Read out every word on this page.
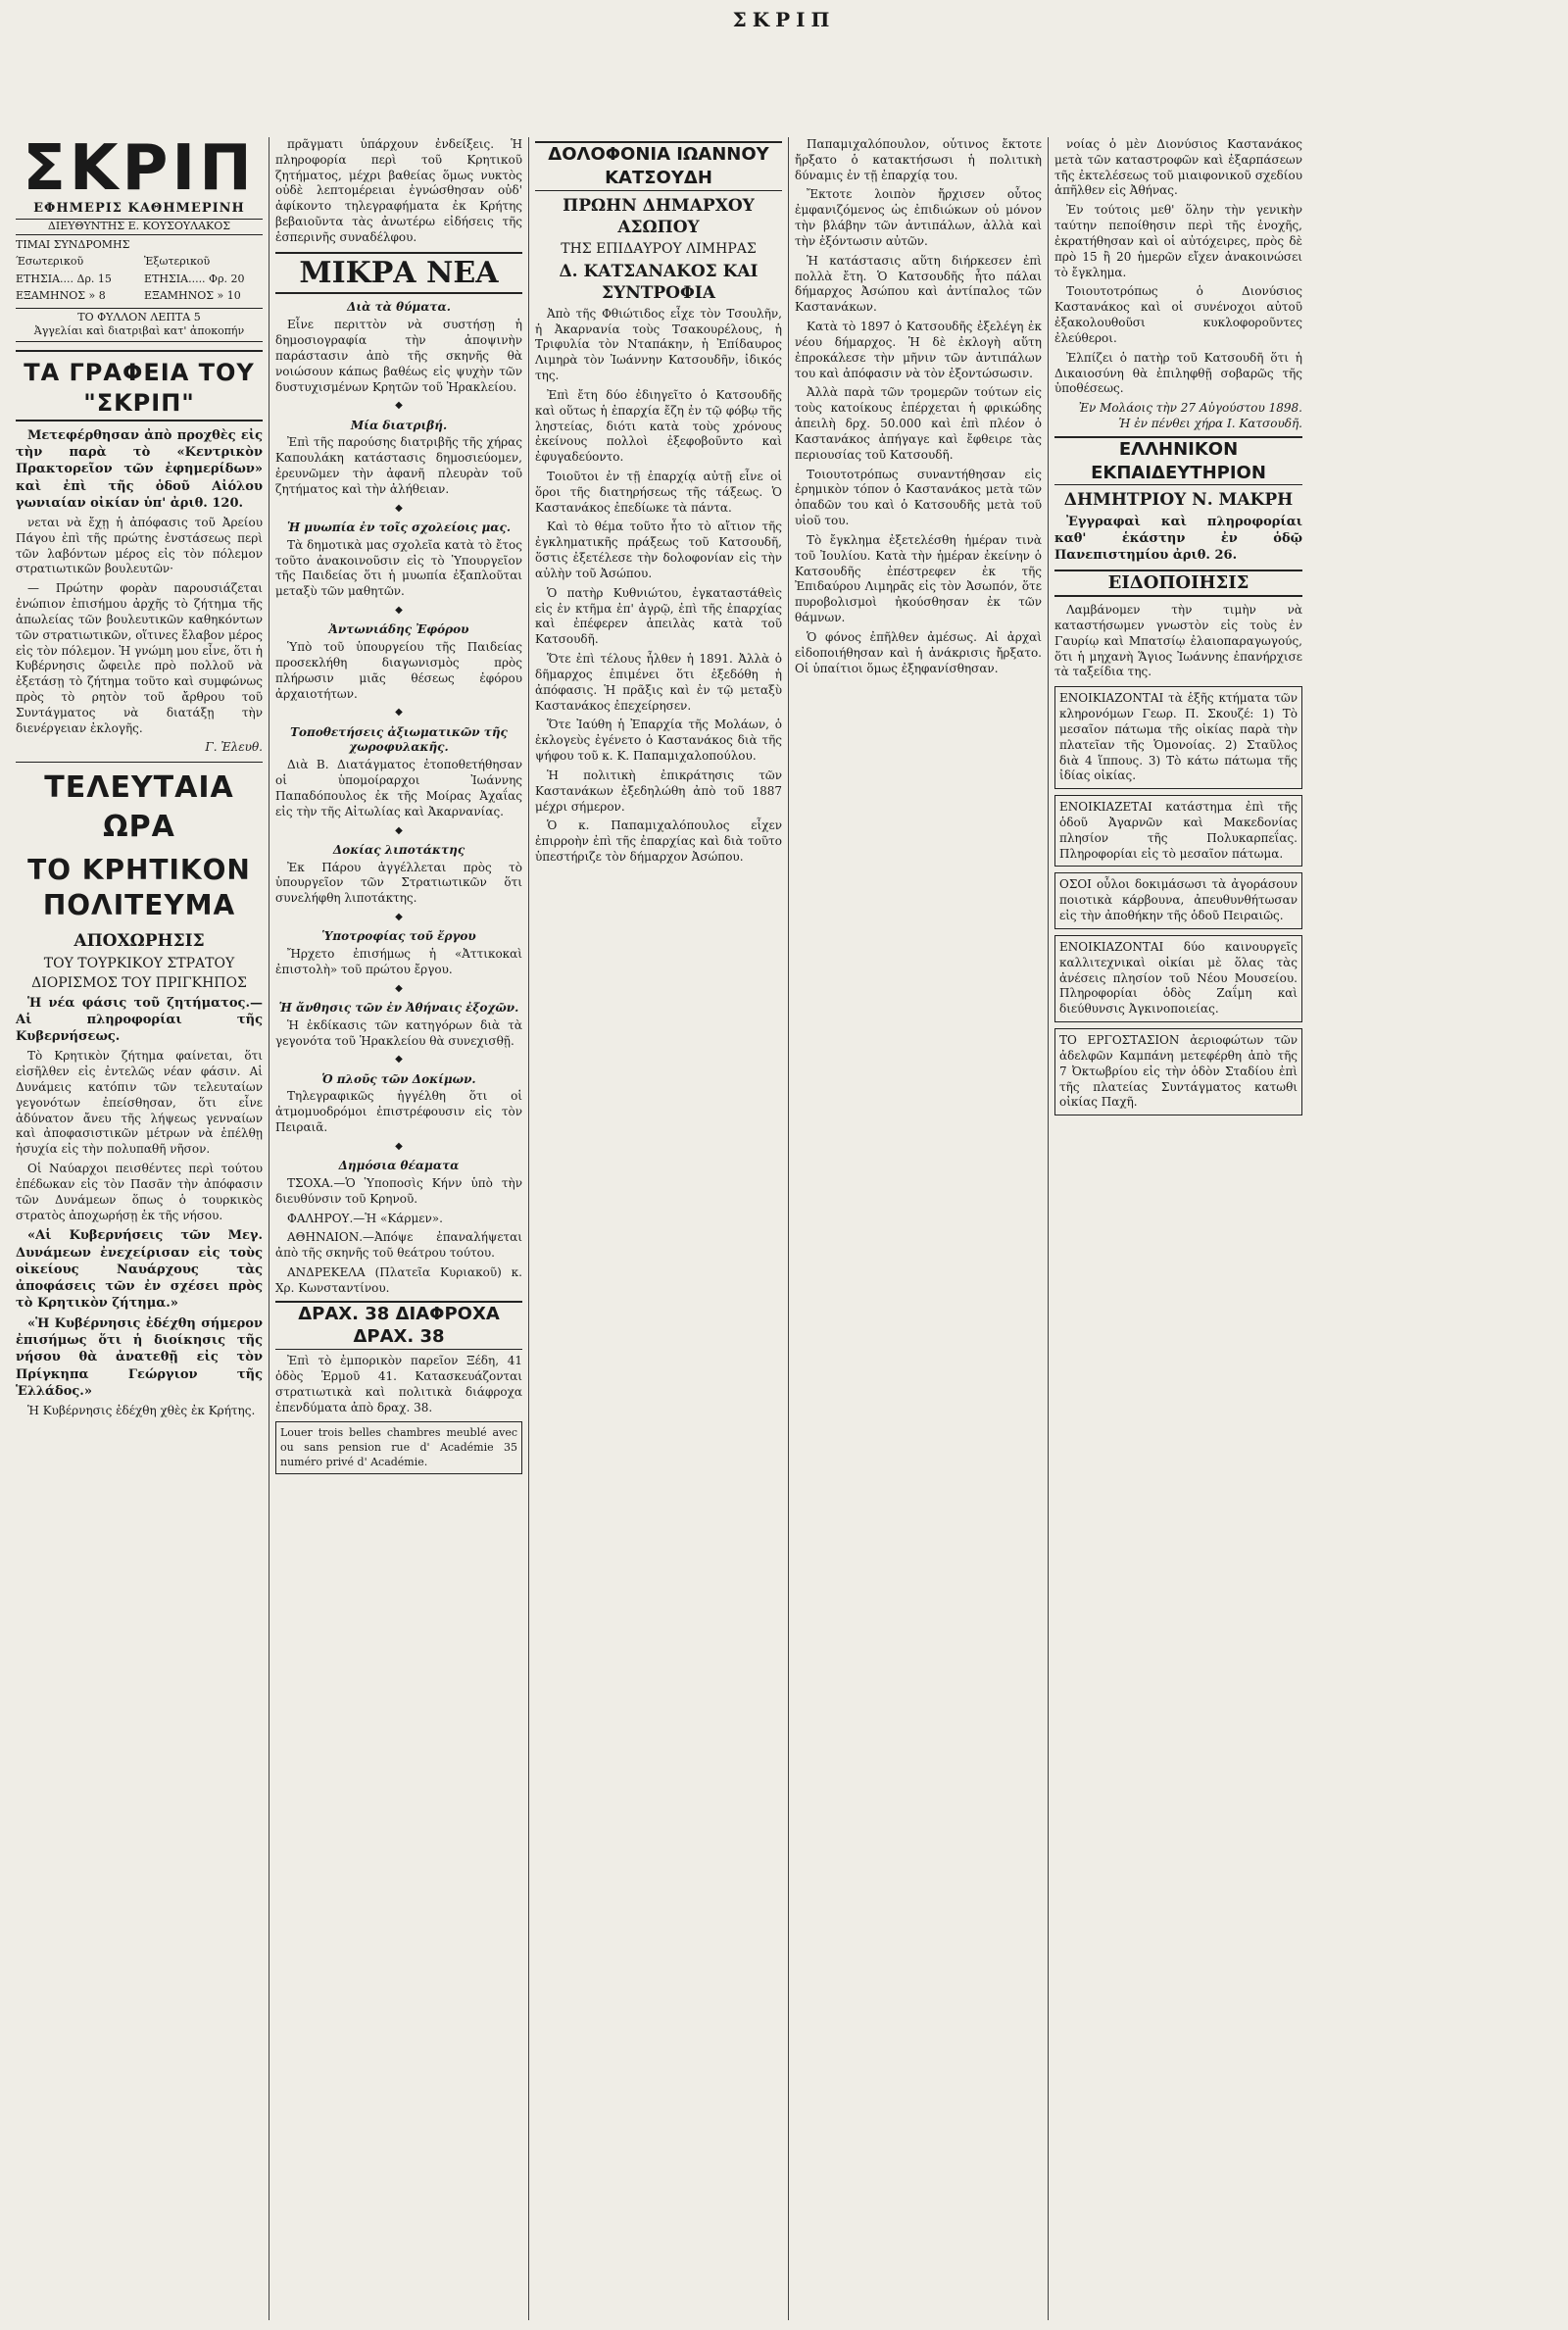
ΣΚΡΙΠ
ΣΚΡΙΠ
ΕΦΗΜΕΡΙΣ ΚΑΘΗΜΕΡΙΝΗ
ΔΙΕΥΘΥΝΤΗΣ Ε. ΚΟΥΣΟΥΛΑΚΟΣ
ΤΙΜΑΙ ΣΥΝΔΡΟΜΗΣ
Έσωτερικοῦ	Ἐξωτερικοῦ
ΕΤΗΣΙΑ.... Δρ. 15	ΕΤΗΣΙΑ..... Φρ. 20
ΕΞΑΜΗΝΟΣ » 8	ΕΞΑΜΗΝΟΣ » 10
ΤΟ ΦΥΛΛΟΝ ΛΕΠΤΑ 5
Ἀγγελίαι καὶ διατριβαὶ κατ' ἀποκοπήν
ΤΑ ΓΡΑΦΕΙΑ ΤΟΥ "ΣΚΡΙΠ"

Μετεφέρθησαν ἀπὸ προχθὲς εἰς τὴν παρὰ τὸ «Κεντρικὸν Πρακτορεῖον τῶν ἐφημερίδων» καὶ ἐπὶ τῆς ὁδοῦ Αἰόλου γωνιαίαν οἰκίαν ὑπ' ἀριθ. 120.

νεται νὰ ἔχῃ ἡ ἀπόφασις τοῦ Ἀρείου Πάγου ἐπὶ τῆς πρώτης ἐνστάσεως περὶ τῶν λαβόντων μέρος εἰς τὸν πόλεμον στρατιωτικῶν βουλευτῶν·

— Πρώτην φορὰν παρουσιάζεται ἐνώπιον ἐπισήμου ἀρχῆς τὸ ζήτημα τῆς ἀπωλείας τῶν βουλευτικῶν καθηκόντων τῶν στρατιωτικῶν, οἵτινες ἔλαβον μέρος εἰς τὸν πόλεμον. Ἡ γνώμη μου εἶνε, ὅτι ἡ Κυβέρνησις ὤφειλε πρὸ πολλοῦ νὰ ἐξετάσῃ τὸ ζήτημα τοῦτο καὶ συμφώνως πρὸς τὸ ρητὸν τοῦ ἄρθρου τοῦ Συντάγματος νὰ διατάξῃ τὴν διενέργειαν ἐκλογῆς.

Γ. Ἐλευθ.
ΤΕΛΕΥΤΑΙΑ ΩΡΑ
ΤΟ ΚΡΗΤΙΚΟΝ ΠΟΛΙΤΕΥΜΑ
ΑΠΟΧΩΡΗΣΙΣ
ΤΟΥ ΤΟΥΡΚΙΚΟΥ ΣΤΡΑΤΟΥ
ΔΙΟΡΙΣΜΟΣ ΤΟΥ ΠΡΙΓΚΗΠΟΣ

Ἡ νέα φάσις τοῦ ζητήματος.— Αἱ πληροφορίαι τῆς Κυβερνήσεως.

Τὸ Κρητικὸν ζήτημα φαίνεται, ὅτι εἰσῆλθεν εἰς ἐντελῶς νέαν φάσιν. Αἱ Δυνάμεις κατόπιν τῶν τελευταίων γεγονότων ἐπείσθησαν, ὅτι εἶνε ἀδύνατον ἄνευ τῆς λήψεως γενναίων καὶ ἀποφασιστικῶν μέτρων νὰ ἐπέλθῃ ἡσυχία εἰς τὴν πολυπαθῆ νῆσον.

Οἱ Ναύαρχοι πεισθέντες περὶ τούτου ἐπέδωκαν εἰς τὸν Πασᾶν τὴν ἀπόφασιν τῶν Δυνάμεων ὅπως ὁ τουρκικὸς στρατὸς ἀποχωρήσῃ ἐκ τῆς νήσου.

«Αἱ Κυβερνήσεις τῶν Μεγ. Δυνάμεων ἐνεχείρισαν εἰς τοὺς οἰκείους Ναυάρχους τὰς ἀποφάσεις τῶν ἐν σχέσει πρὸς τὸ Κρητικὸν ζήτημα.»

«Ἡ Κυβέρνησις ἐδέχθη σήμερον ἐπισήμως ὅτι ἡ διοίκησις τῆς νήσου θὰ ἀνατεθῇ εἰς τὸν Πρίγκηπα Γεώργιον τῆς Ἑλλάδος.»

Ἡ Κυβέρνησις ἐδέχθη χθὲς ἐκ Κρήτης.

πρᾶγματι ὑπάρχουν ἐνδείξεις. Ἡ πληροφορία περὶ τοῦ Κρητικοῦ ζητήματος, μέχρι βαθείας ὅμως νυκτὸς οὐδὲ λεπτομέρειαι ἐγνώσθησαν οὐδ' ἀφίκοντο τηλεγραφήματα ἐκ Κρήτης βεβαιοῦντα τὰς ἀνωτέρω εἰδήσεις τῆς ἑσπερινῆς συναδέλφου.

ΜΙΚΡΑ ΝΕΑ
Διὰ τὰ θύματα.

Εἶνε περιττὸν νὰ συστήσῃ ἡ δημοσιογραφία τὴν ἀποψινὴν παράστασιν ἀπὸ τῆς σκηνῆς θὰ νοιώσουν κάπως βαθέως εἰς ψυχὴν τῶν δυστυχισμένων Κρητῶν τοῦ Ἡρακλείου.

◆
Μία διατριβή.

Ἐπὶ τῆς παρούσης διατριβῆς τῆς χήρας Καπουλάκη κατάστασις δημοσιεύομεν, ἐρευνῶμεν τὴν ἀφανῆ πλευρὰν τοῦ ζητήματος καὶ τὴν ἀλήθειαν.

◆
Ἡ μυωπία ἐν τοῖς σχολείοις μας.

Τὰ δημοτικὰ μας σχολεῖα κατὰ τὸ ἔτος τοῦτο ἀνακοινοῦσιν εἰς τὸ Ὑπουργεῖον τῆς Παιδείας ὅτι ἡ μυωπία ἐξαπλοῦται μεταξὺ τῶν μαθητῶν.

◆
Ἀντωνιάδης Ἐφόρου

Ὑπὸ τοῦ ὑπουργείου τῆς Παιδείας προσεκλήθη διαγωνισμὸς πρὸς πλήρωσιν μιᾶς θέσεως ἐφόρου ἀρχαιοτήτων.

◆
Τοποθετήσεις ἀξιωματικῶν τῆς χωροφυλακῆς.

Διὰ Β. Διατάγματος ἐτοποθετήθησαν οἱ ὑπομοίραρχοι Ἰωάννης Παπαδόπουλος ἐκ τῆς Μοίρας Ἀχαΐας εἰς τὴν τῆς Αἰτωλίας καὶ Ἀκαρνανίας.

◆
Δοκίας λιποτάκτης

Ἐκ Πάρου ἀγγέλλεται πρὸς τὸ ὑπουργεῖον τῶν Στρατιωτικῶν ὅτι συνελήφθη λιποτάκτης.

◆
Ὑποτροφίας τοῦ ἔργου

Ἤρχετο ἐπισήμως ἡ «Ἀττικοκαὶ ἐπιστολὴ» τοῦ πρώτου ἔργου.

◆
Ἡ ἄνθησις τῶν ἐν Ἀθήναις ἐξοχῶν.

Ἡ ἐκδίκασις τῶν κατηγόρων διὰ τὰ γεγονότα τοῦ Ἡρακλείου θὰ συνεχισθῇ.

◆
Ὁ πλοῦς τῶν Δοκίμων.

Τηλεγραφικῶς ἠγγέλθη ὅτι οἱ ἀτμομυοδρόμοι ἐπιστρέφουσιν εἰς τὸν Πειραιᾶ.

◆
Δημόσια θέαματα

ΤΣΟΧΑ.—Ὁ Ὑποποσὶς Κήνν ὑπὸ τὴν διευθύνσιν τοῦ Κρηνοῦ.

ΦΑΛΗΡΟΥ.—Ἡ «Κάρμεν».

ΑΘΗΝΑΙΟΝ.—Ἀπόψε ἐπαναλήψεται ἀπὸ τῆς σκηνῆς τοῦ θεάτρου τούτου.

ΑΝΔΡΕΚΕΛΑ (Πλατεῖα Κυριακοῦ) κ. Χρ. Κωνσταντίνου.

ΔΡΑΧ. 38 ΔΙΑΦΡΟΧΑ ΔΡΑΧ. 38

Ἐπὶ τὸ ἐμπορικὸν παρεῖον Ξέδη, 41 ὁδὸς Ἑρμοῦ 41. Κατασκευάζονται στρατιωτικὰ καὶ πολιτικὰ διάφροχα ἐπενδύματα ἀπὸ δραχ. 38.

Louer trois belles chambres meublé avec ou sans pension rue d' Académie 35 numéro privé d' Académie.
ΔΟΛΟΦΟΝΙΑ ΙΩΑΝΝΟΥ ΚΑΤΣΟΥΔΗ
ΠΡΩΗΝ ΔΗΜΑΡΧΟΥ ΑΣΩΠΟΥ
ΤΗΣ ΕΠΙΔΑΥΡΟΥ ΛΙΜΗΡΑΣ
Δ. ΚΑΤΣΑΝΑΚΟΣ ΚΑΙ ΣΥΝΤΡΟΦΙΑ

Ἀπὸ τῆς Φθιώτιδος εἶχε τὸν Τσουλῆν, ἡ Ἀκαρνανία τοὺς Τσακουρέλους, ἡ Τριφυλία τὸν Νταπάκην, ἡ Ἐπίδαυρος Λιμηρὰ τὸν Ἰωάννην Κατσουδῆν, ἰδικός της.

Ἐπὶ ἔτη δύο ἐδιηγεῖτο ὁ Κατσουδῆς καὶ οὕτως ἡ ἐπαρχία ἔζη ἐν τῷ φόβῳ τῆς ληστείας, διότι κατὰ τοὺς χρόνους ἐκείνους πολλοὶ ἐξεφοβοῦντο καὶ ἐφυγαδεύοντο.

Τοιοῦτοι ἐν τῇ ἐπαρχίᾳ αὐτῇ εἶνε οἱ ὅροι τῆς διατηρήσεως τῆς τάξεως. Ὁ Καστανάκος ἐπεδίωκε τὰ πάντα.

Καὶ τὸ θέμα τοῦτο ἦτο τὸ αἴτιον τῆς ἐγκληματικῆς πράξεως τοῦ Κατσουδῆ, ὅστις ἐξετέλεσε τὴν δολοφονίαν εἰς τὴν αὐλὴν τοῦ Ἀσώπου.

Ὁ πατὴρ Κυθνιώτου, ἐγκαταστάθεὶς εἰς ἐν κτῆμα ἐπ' ἀγρῷ, ἐπὶ τῆς ἐπαρχίας καὶ ἐπέφερεν ἀπειλὰς κατὰ τοῦ Κατσουδῆ.

Ὅτε ἐπὶ τέλους ἦλθεν ἡ 1891. Ἀλλὰ ὁ δῆμαρχος ἐπιμένει ὅτι ἐξεδόθη ἡ ἀπόφασις. Ἡ πρᾶξις καὶ ἐν τῷ μεταξὺ Καστανάκος ἐπεχείρησεν.

Ὅτε Ἰαύθη ἡ Ἐπαρχία τῆς Μολάων, ὁ ἐκλογεὺς ἐγένετο ὁ Καστανάκος διὰ τῆς ψήφου τοῦ κ. Κ. Παπαμιχαλοπούλου.

Ἡ πολιτικὴ ἐπικράτησις τῶν Καστανάκων ἐξεδηλώθη ἀπὸ τοῦ 1887 μέχρι σήμερον.

Ὁ κ. Παπαμιχαλόπουλος εἶχεν ἐπιρροὴν ἐπὶ τῆς ἐπαρχίας καὶ διὰ τοῦτο ὑπεστήριζε τὸν δήμαρχον Ἀσώπου.

Παπαμιχαλόπουλον, οὗτινος ἔκτοτε ἤρξατο ὁ κατακτήσωσι ἡ πολιτικὴ δύναμις ἐν τῇ ἐπαρχίᾳ του.

Ἔκτοτε λοιπὸν ἤρχισεν οὗτος ἐμφανιζόμενος ὡς ἐπιδιώκων οὐ μόνον τὴν βλάβην τῶν ἀντιπάλων, ἀλλὰ καὶ τὴν ἐξόντωσιν αὐτῶν.

Ἡ κατάστασις αὕτη διήρκεσεν ἐπὶ πολλὰ ἔτη. Ὁ Κατσουδῆς ἦτο πάλαι δήμαρχος Ἀσώπου καὶ ἀντίπαλος τῶν Καστανάκων.

Κατὰ τὸ 1897 ὁ Κατσουδῆς ἐξελέγη ἐκ νέου δήμαρχος. Ἡ δὲ ἐκλογὴ αὕτη ἐπροκάλεσε τὴν μῆνιν τῶν ἀντιπάλων του καὶ ἀπόφασιν νὰ τὸν ἐξοντώσωσιν.

Ἀλλὰ παρὰ τῶν τρομερῶν τούτων εἰς τοὺς κατοίκους ἐπέρχεται ἡ φρικώδης ἀπειλὴ δρχ. 50.000 καὶ ἐπὶ πλέον ὁ Καστανάκος ἀπήγαγε καὶ ἔφθειρε τὰς περιουσίας τοῦ Κατσουδῆ.

Τοιουτοτρόπως συναντήθησαν εἰς ἐρημικὸν τόπον ὁ Καστανάκος μετὰ τῶν ὀπαδῶν του καὶ ὁ Κατσουδῆς μετὰ τοῦ υἱοῦ του.

Τὸ ἔγκλημα ἐξετελέσθη ἡμέραν τινὰ τοῦ Ἰουλίου. Κατὰ τὴν ἡμέραν ἐκείνην ὁ Κατσουδῆς ἐπέστρεφεν ἐκ τῆς Ἐπιδαύρου Λιμηρᾶς εἰς τὸν Ἀσωπόν, ὅτε πυροβολισμοὶ ἠκούσθησαν ἐκ τῶν θάμνων.

Ὁ φόνος ἐπῆλθεν ἀμέσως. Αἱ ἀρχαὶ εἰδοποιήθησαν καὶ ἡ ἀνάκρισις ἤρξατο. Οἱ ὑπαίτιοι ὅμως ἐξηφανίσθησαν.

νοίας ὁ μὲν Διονύσιος Καστανάκος μετὰ τῶν καταστροφῶν καὶ ἐξαρπάσεων τῆς ἐκτελέσεως τοῦ μιαιφονικοῦ σχεδίου ἀπῆλθεν εἰς Ἀθήνας.

Ἐν τούτοις μεθ' ὅλην τὴν γενικὴν ταύτην πεποίθησιν περὶ τῆς ἐνοχῆς, ἐκρατήθησαν καὶ οἱ αὐτόχειρες, πρὸς δὲ πρὸ 15 ἢ 20 ἡμερῶν εἴχεν ἀνακοινώσει τὸ ἔγκλημα.

Τοιουτοτρόπως ὁ Διονύσιος Καστανάκος καὶ οἱ συνένοχοι αὐτοῦ ἐξακολουθοῦσι κυκλοφοροῦντες ἐλεύθεροι.

Ἐλπίζει ὁ πατὴρ τοῦ Κατσουδῆ ὅτι ἡ Δικαιοσύνη θὰ ἐπιληφθῇ σοβαρῶς τῆς ὑποθέσεως.

Ἐν Μολάοις τὴν 27 Αὐγούστου 1898.
Ἡ ἐν πένθει χήρα Ι. Κατσουδῆ.
ΕΛΛΗΝΙΚΟΝ ΕΚΠΑΙΔΕΥΤΗΡΙΟΝ
ΔΗΜΗΤΡΙΟΥ Ν. ΜΑΚΡΗ

Ἐγγραφαὶ καὶ πληροφορίαι καθ' ἑκάστην ἐν ὁδῷ Πανεπιστημίου ἀριθ. 26.

ΕΙΔΟΠΟΙΗΣΙΣ

Λαμβάνομεν τὴν τιμὴν νὰ καταστήσωμεν γνωστὸν εἰς τοὺς ἐν Γαυρίῳ καὶ Μπατσίῳ ἐλαιοπαραγωγούς, ὅτι ἡ μηχανὴ Ἅγιος Ἰωάννης ἐπανήρχισε τὰ ταξείδια της.

ΕΝΟΙΚΙΑΖΟΝΤΑΙ τὰ ἑξῆς κτήματα τῶν κληρονόμων Γεωρ. Π. Σκουζέ: 1) Τὸ μεσαῖον πάτωμα τῆς οἰκίας παρὰ τὴν πλατεῖαν τῆς Ὁμονοίας. 2) Σταῦλος διὰ 4 ἵππους. 3) Τὸ κάτω πάτωμα τῆς ἰδίας οἰκίας.
ΕΝΟΙΚΙΑΖΕΤΑΙ κατάστημα ἐπὶ τῆς ὁδοῦ Ἀγαρνῶν καὶ Μακεδονίας πλησίον τῆς Πολυκαρπεΐας. Πληροφορίαι εἰς τὸ μεσαῖον πάτωμα.
ΟΣΟΙ οὖλοι δοκιμάσωσι τὰ ἀγοράσουν ποιοτικὰ κάρβουνα, ἀπευθυνθήτωσαν εἰς τὴν ἀποθήκην τῆς ὁδοῦ Πειραιῶς.
ΕΝΟΙΚΙΑΖΟΝΤΑΙ δύο καινουργεῖς καλλιτεχνικαὶ οἰκίαι μὲ ὅλας τὰς ἀνέσεις πλησίον τοῦ Νέου Μουσείου. Πληροφορίαι ὁδὸς Ζαΐμη καὶ διεύθυνσις Ἀγκινοποιείας.
ΤΟ ΕΡΓΟΣΤΑΣΙΟΝ ἀεριοφώτων τῶν ἀδελφῶν Καμπάνη μετεφέρθη ἀπὸ τῆς 7 Ὀκτωβρίου εἰς τὴν ὁδὸν Σταδίου ἐπὶ τῆς πλατείας Συντάγματος κατωθι οἰκίας Παχῆ.
